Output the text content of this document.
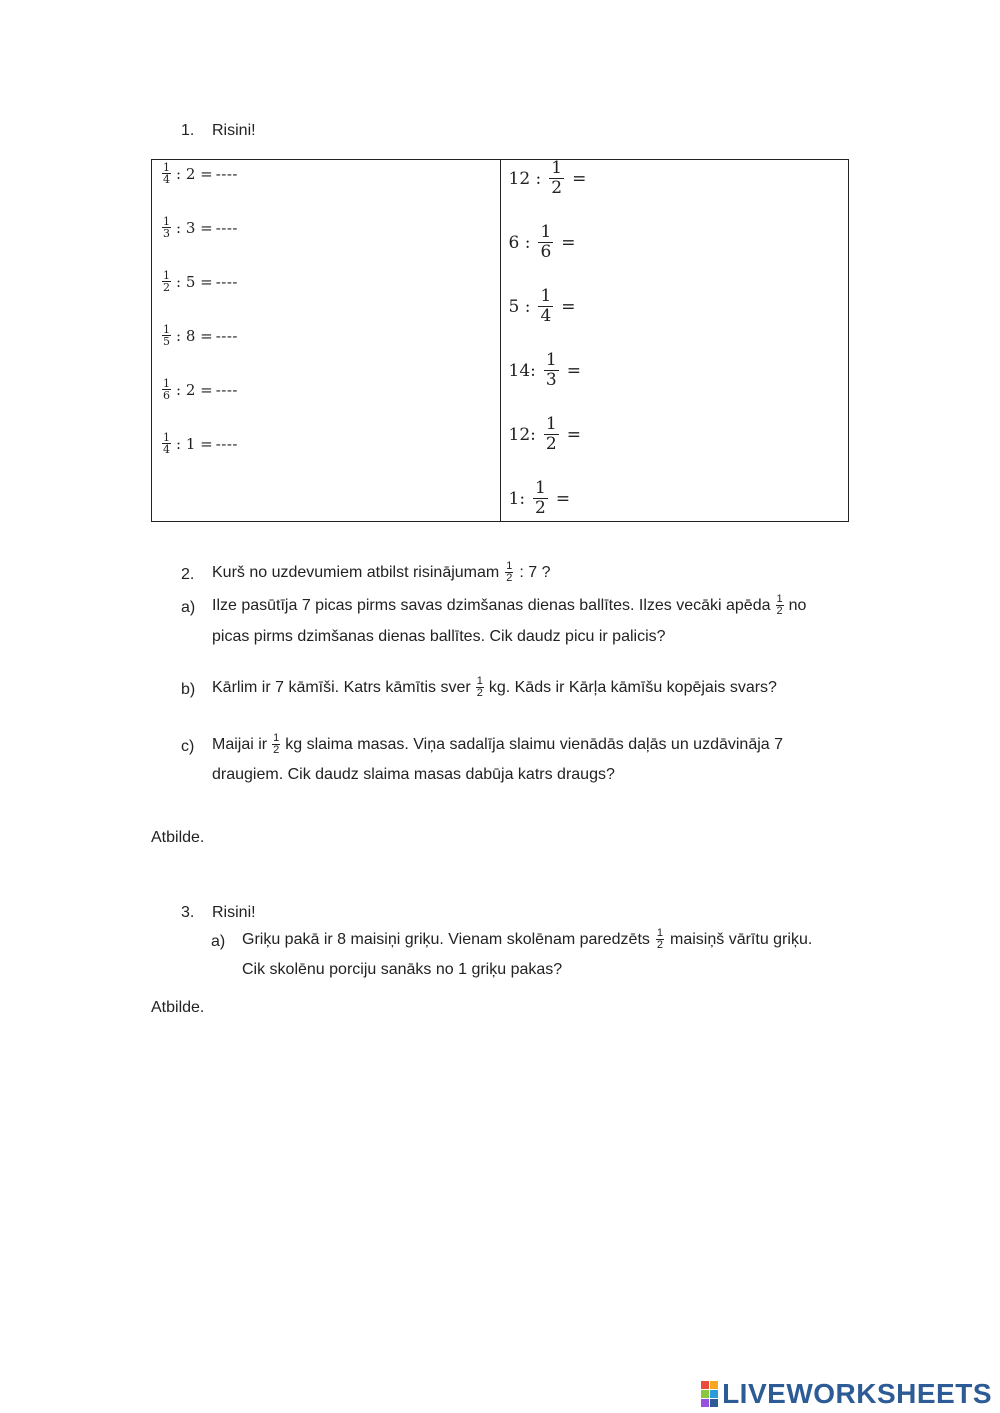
1. Risini!
$\frac{1}{4}$ : 2 = ----
$\frac{1}{3}$ : 3 = ----
$\frac{1}{2}$ : 5 = ----
$\frac{1}{5}$ : 8 = ----
$\frac{1}{6}$ : 2 = ----
$\frac{1}{4}$ : 1 = ----

12 : $\frac{1}{2}$ =
6 : $\frac{1}{6}$ =
5 : $\frac{1}{4}$ =
14: $\frac{1}{3}$ =
12: $\frac{1}{2}$ =
1: $\frac{1}{2}$ =
2. Kurš no uzdevumiem atbilst risinājumam $\frac{1}{2}$ : 7 ?
a) Ilze pasūtīja 7 picas pirms savas dzimšanas dienas ballītes. Ilzes vecāki apēda $\frac{1}{2}$ no
picas pirms dzimšanas dienas ballītes. Cik daudz picu ir palicis?
b) Kārlim ir 7 kāmīši. Katrs kāmītis sver $\frac{1}{2}$ kg. Kāds ir Kārļa kāmīšu kopējais svars?
c) Maijai ir $\frac{1}{2}$ kg slaima masas. Viņa sadalīja slaimu vienādās daļās un uzdāvināja 7
draugiem. Cik daudz slaima masas dabūja katrs draugs?
Atbilde.
3. Risini!
a) Griķu pakā ir 8 maisiņi griķu. Vienam skolēnam paredzēts $\frac{1}{2}$ maisiņš vārītu griķu.
Cik skolēnu porciju sanāks no 1 griķu pakas?
Atbilde.
LIVEWORKSHEETS
